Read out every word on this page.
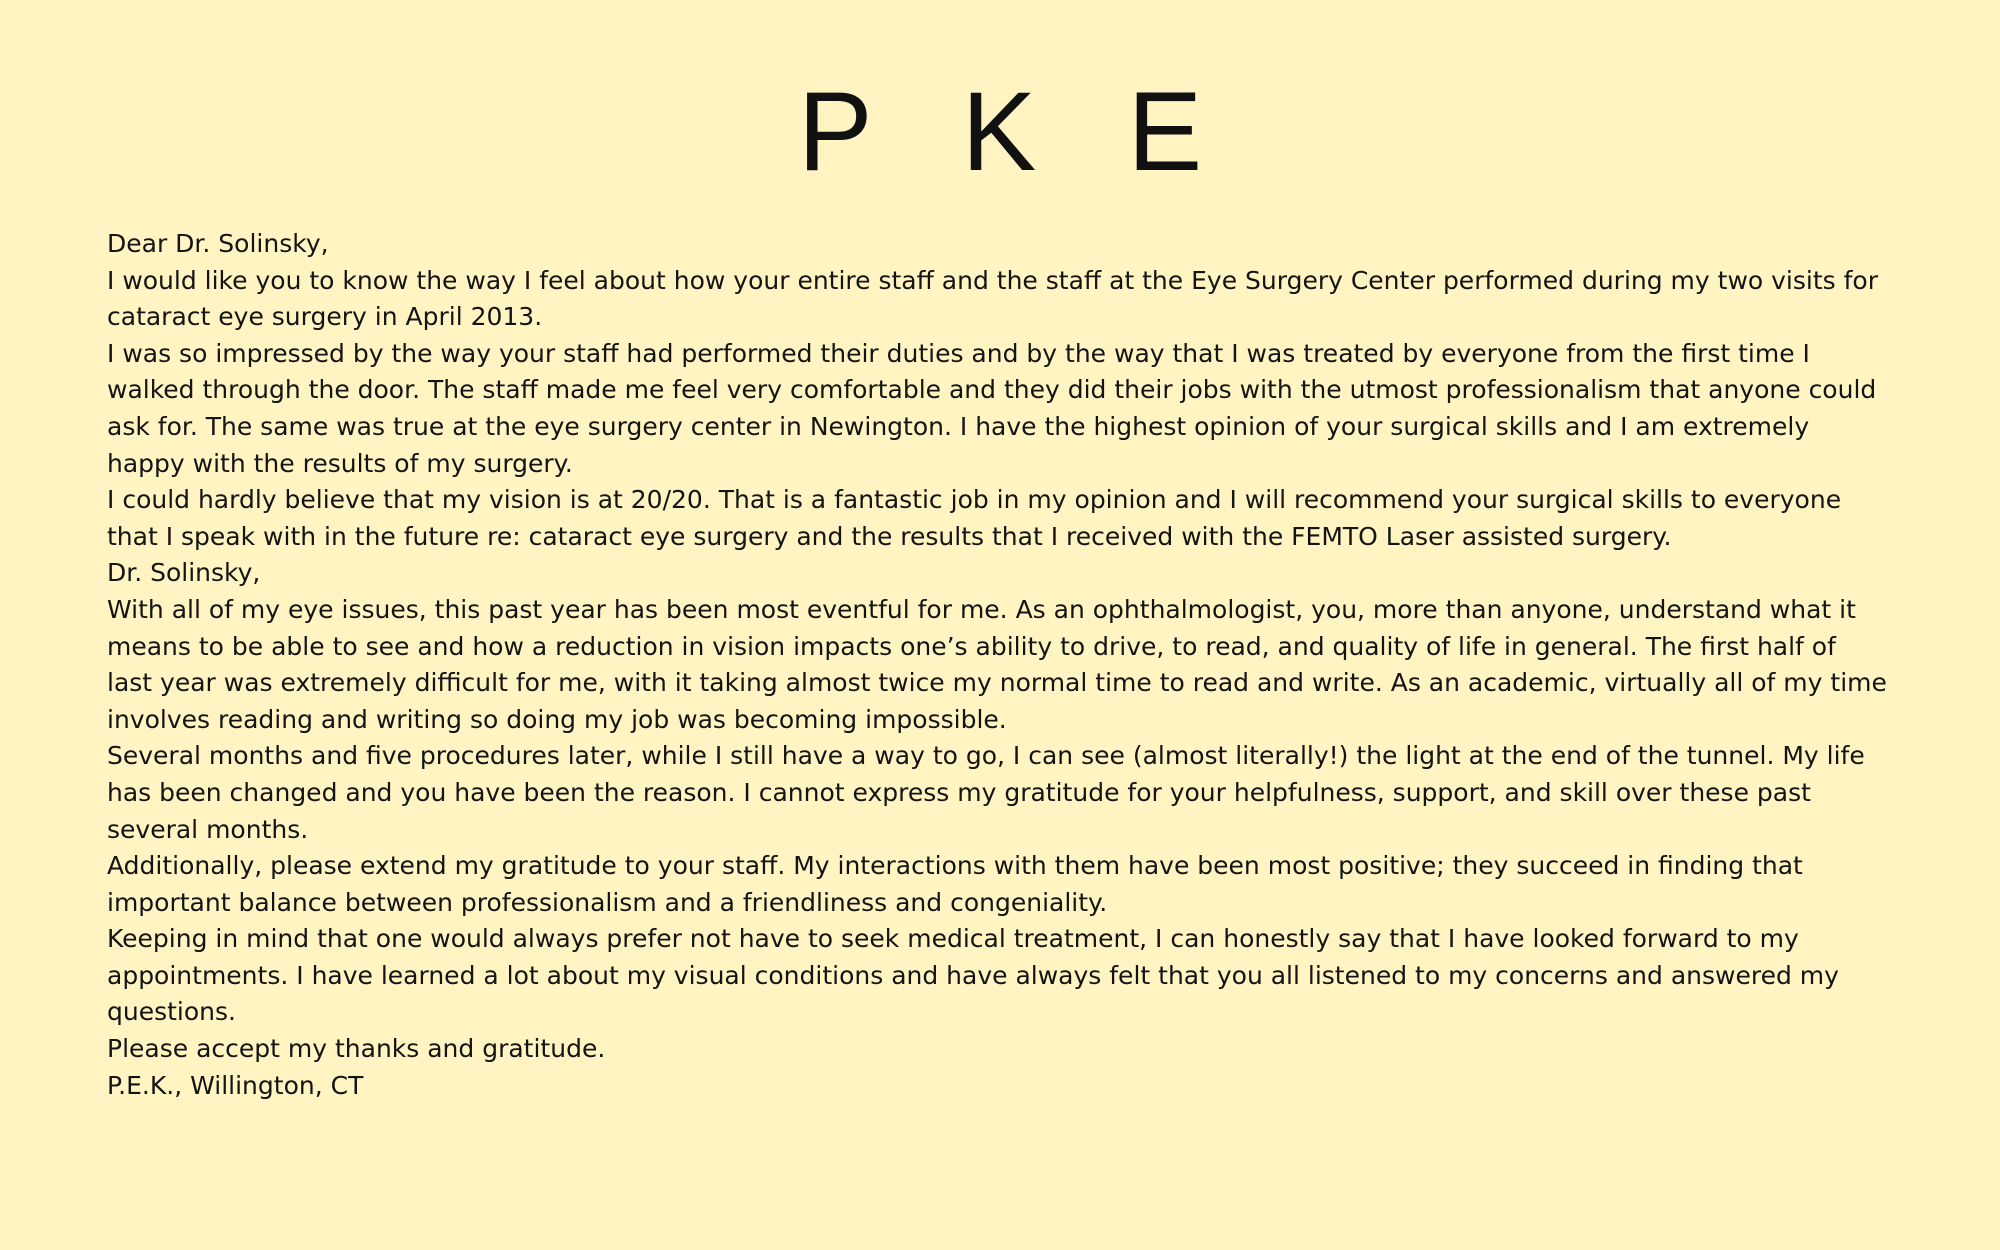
P K E

Dear Dr. Solinsky,

I would like you to know the way I feel about how your entire staff and the staff at the Eye Surgery Center performed during my two visits for cataract eye surgery in April 2013.

I was so impressed by the way your staff had performed their duties and by the way that I was treated by everyone from the first time I walked through the door. The staff made me feel very comfortable and they did their jobs with the utmost professionalism that anyone could ask for. The same was true at the eye surgery center in Newington. I have the highest opinion of your surgical skills and I am extremely happy with the results of my surgery.

I could hardly believe that my vision is at 20/20. That is a fantastic job in my opinion and I will recommend your surgical skills to everyone that I speak with in the future re: cataract eye surgery and the results that I received with the FEMTO Laser assisted surgery.

Dr. Solinsky,

With all of my eye issues, this past year has been most eventful for me. As an ophthalmologist, you, more than anyone, understand what it means to be able to see and how a reduction in vision impacts one’s ability to drive, to read, and quality of life in general. The first half of last year was extremely difficult for me, with it taking almost twice my normal time to read and write. As an academic, virtually all of my time involves reading and writing so doing my job was becoming impossible.

Several months and five procedures later, while I still have a way to go, I can see (almost literally!) the light at the end of the tunnel. My life has been changed and you have been the reason. I cannot express my gratitude for your helpfulness, support, and skill over these past several months.

Additionally, please extend my gratitude to your staff. My interactions with them have been most positive; they succeed in finding that important balance between professionalism and a friendliness and congeniality.

Keeping in mind that one would always prefer not have to seek medical treatment, I can honestly say that I have looked forward to my appointments. I have learned a lot about my visual conditions and have always felt that you all listened to my concerns and answered my questions.

Please accept my thanks and gratitude.

P.E.K., Willington, CT
